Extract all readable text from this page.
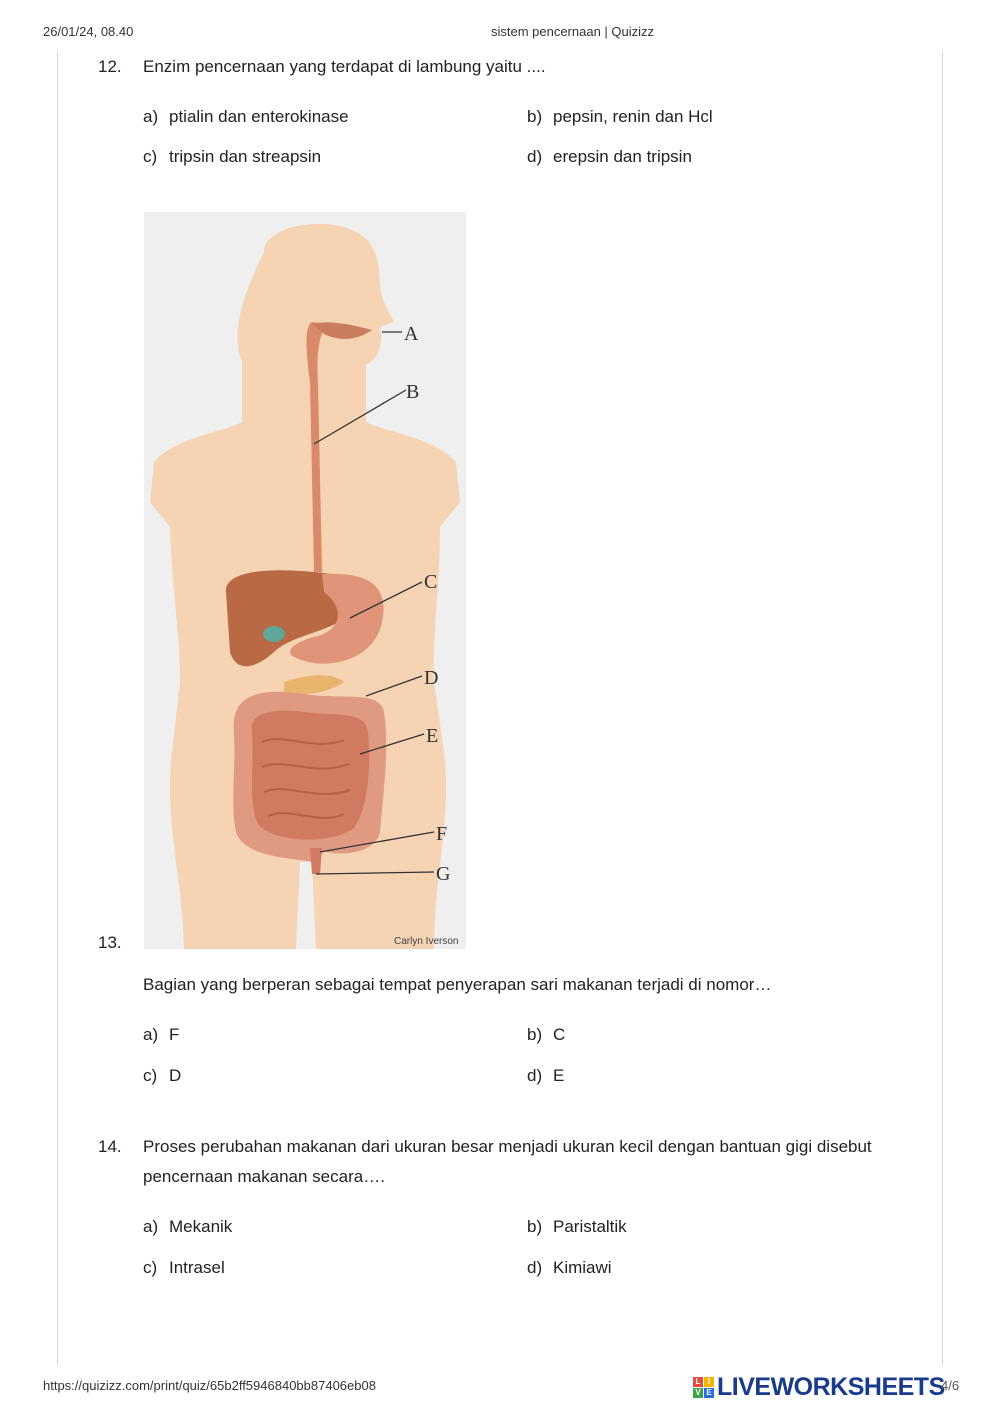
26/01/24, 08.40	sistem pencernaan | Quizizz
12. Enzim pencernaan yang terdapat di lambung yaitu ....
a) ptialin dan enterokinase	b) pepsin, renin dan Hcl
c) tripsin dan streapsin	d) erepsin dan tripsin
A
B
C
D
E
F
G
Carlyn Iverson
13.
Bagian yang berperan sebagai tempat penyerapan sari makanan terjadi di nomor…
a) F	b) C
c) D	d) E
14. Proses perubahan makanan dari ukuran besar menjadi ukuran kecil dengan bantuan gigi disebut pencernaan makanan secara….
a) Mekanik	b) Paristaltik
c) Intrasel	d) Kimiawi
https://quizizz.com/print/quiz/65b2ff5946840bb87406eb08	L I
V E LIVEWORKSHEETS
4/6
